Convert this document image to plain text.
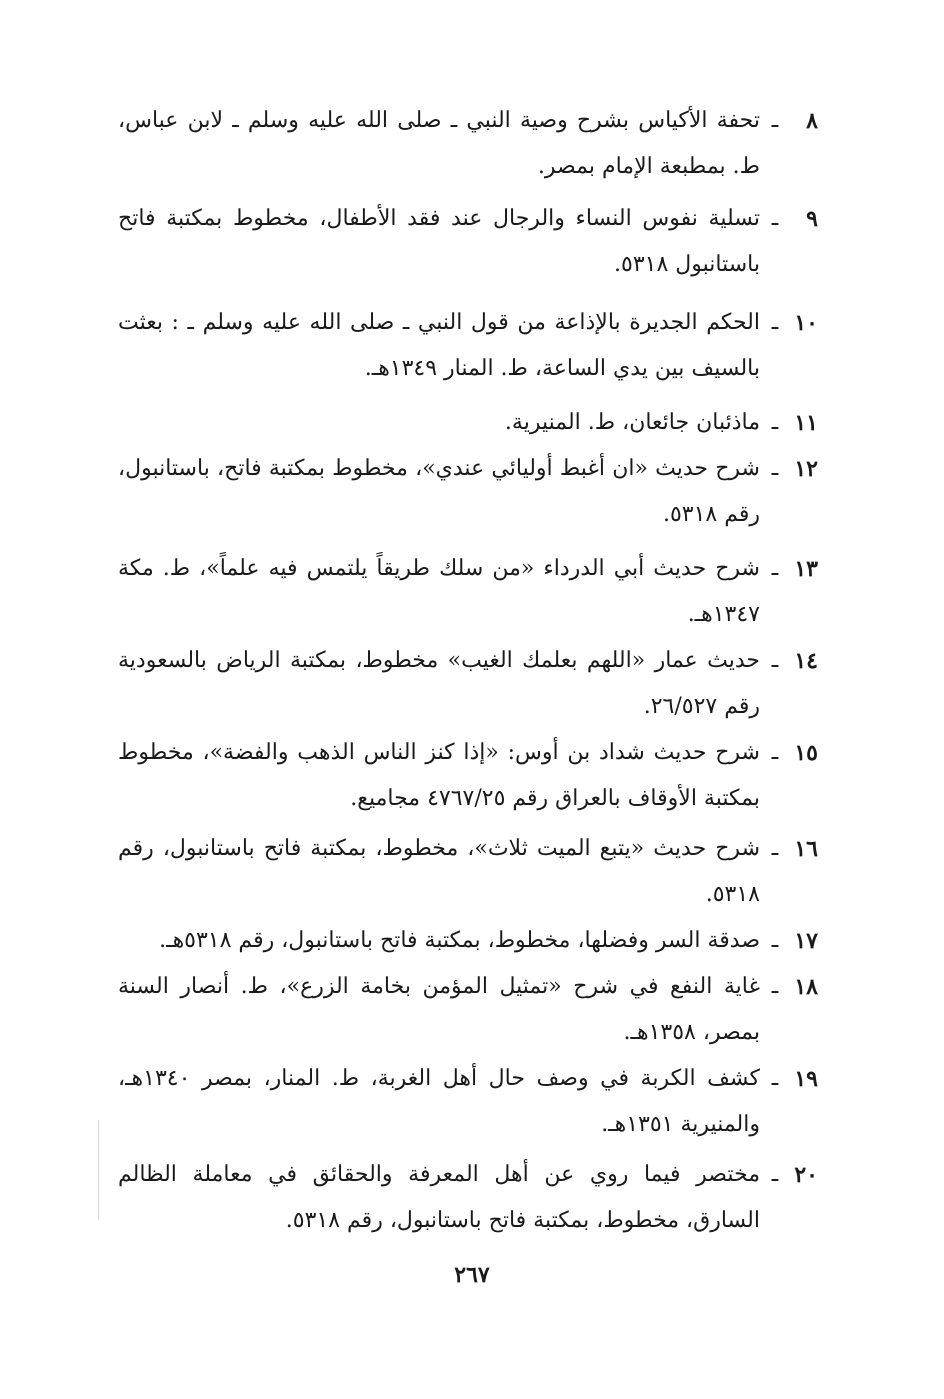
٨
ـ
تحفة الأكياس بشرح وصية النبي ـ صلى الله عليه وسلم ـ لابن عباس، ط. بمطبعة الإمام بمصر.
٩
ـ
تسلية نفوس النساء والرجال عند فقد الأطفال، مخطوط بمكتبة فاتح باستانبول ٥٣١٨.
١٠
ـ
الحكم الجديرة بالإذاعة من قول النبي ـ صلى الله عليه وسلم ـ : بعثت بالسيف بين يدي الساعة، ط. المنار ١٣٤٩هـ.
١١
ـ
ماذئبان جائعان، ط. المنيرية.
١٢
ـ
شرح حديث «ان أغبط أوليائي عندي»، مخطوط بمكتبة فاتح، باستانبول، رقم ٥٣١٨.
١٣
ـ
شرح حديث أبي الدرداء «من سلك طريقاً يلتمس فيه علماً»، ط. مكة ١٣٤٧هـ.
١٤
ـ
حديث عمار «اللهم بعلمك الغيب» مخطوط، بمكتبة الرياض بالسعودية رقم ٢٦/٥٢٧.
١٥
ـ
شرح حديث شداد بن أوس: «إذا كنز الناس الذهب والفضة»، مخطوط بمكتبة الأوقاف بالعراق رقم ٤٧٦٧/٢٥ مجاميع.
١٦
ـ
شرح حديث «يتبع الميت ثلاث»، مخطوط، بمكتبة فاتح باستانبول، رقم ٥٣١٨.
١٧
ـ
صدقة السر وفضلها، مخطوط، بمكتبة فاتح باستانبول، رقم ٥٣١٨هـ.
١٨
ـ
غاية النفع في شرح «تمثيل المؤمن بخامة الزرع»، ط. أنصار السنة بمصر، ١٣٥٨هـ.
١٩
ـ
كشف الكربة في وصف حال أهل الغربة، ط. المنار، بمصر ١٣٤٠هـ، والمنيرية ١٣٥١هـ.
٢٠
ـ
مختصر فيما روي عن أهل المعرفة والحقائق في معاملة الظالم السارق، مخطوط، بمكتبة فاتح باستانبول، رقم ٥٣١٨.
٢٦٧
